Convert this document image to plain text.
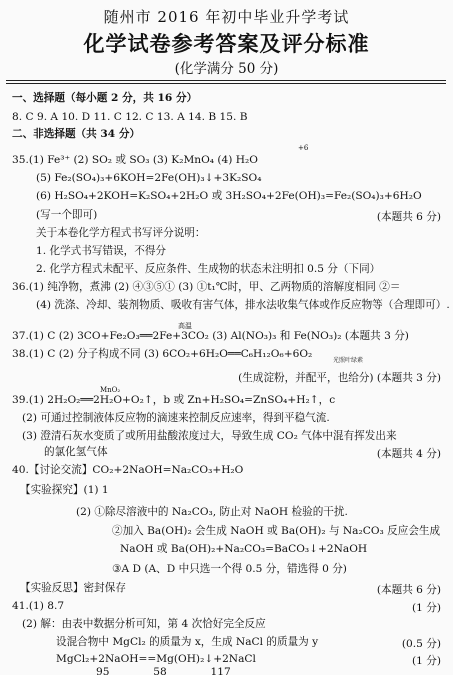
随州市 2016 年初中毕业升学考试
化学试卷参考答案及评分标准
(化学满分 50 分)
一、选择题（每小题 2 分，共 16 分）
8. C 9. A 10. D 11. C 12. C 13. A 14. B 15. B
二、非选择题（共 34 分）
+6
35.(1) Fe³⁺ (2) SO₂ 或 SO₃ (3) K₂MnO₄ (4) H₂O
(5) Fe₂(SO₄)₃+6KOH=2Fe(OH)₃↓+3K₂SO₄
(6) H₂SO₄+2KOH=K₂SO₄+2H₂O 或 3H₂SO₄+2Fe(OH)₃=Fe₂(SO₄)₃+6H₂O
(写一个即可)	(本题共 6 分)
关于本卷化学方程式书写评分说明：
1. 化学式书写错误，不得分
2. 化学方程式未配平、反应条件、生成物的状态未注明扣 0.5 分（下同）
36.(1) 纯净物，煮沸 (2) ④③⑤① (3) ①t₁℃时，甲、乙两物质的溶解度相同 ②＝
(4) 洗涤、冷却、装剂物质、吸收有害气体，排水法收集气体或作反应物等（合理即可）.
高温
37.(1) C (2) 3CO+Fe₂O₃══2Fe+3CO₂ (3) Al(NO₃)₃ 和 Fe(NO₃)₂ (本题共 3 分)
光照叶绿素
38.(1) C (2) 分子构成不同 (3) 6CO₂+6H₂O══C₆H₁₂O₆+6O₂
(生成淀粉，并配平，也给分) (本题共 3 分)
MnO₂
39.(1) 2H₂O₂══2H₂O+O₂↑，b 或 Zn+H₂SO₄=ZnSO₄+H₂↑，c
(2) 可通过控制液体反应物的滴速来控制反应速率，得到平稳气流.
(3) 澄清石灰水变质了或所用盐酸浓度过大，导致生成 CO₂ 气体中混有挥发出来
的氯化氢气体	(本题共 4 分)
40.【讨论交流】CO₂+2NaOH=Na₂CO₃+H₂O
【实验探究】(1) 1
(2) ①除尽溶液中的 Na₂CO₃, 防止对 NaOH 检验的干扰.
②加入 Ba(OH)₂ 会生成 NaOH 或 Ba(OH)₂ 与 Na₂CO₃ 反应会生成
NaOH 或 Ba(OH)₂+Na₂CO₃=BaCO₃↓+2NaOH
③A D (A、D 中只选一个得 0.5 分，错选得 0 分)
【实验反思】密封保存	(本题共 6 分)
41.(1) 8.7	(1 分)
(2) 解：由表中数据分析可知，第 4 次恰好完全反应
设混合物中 MgCl₂ 的质量为 x，生成 NaCl 的质量为 y	(0.5 分)
MgCl₂+2NaOH==Mg(OH)₂↓+2NaCl	(1 分)
95             58             117
